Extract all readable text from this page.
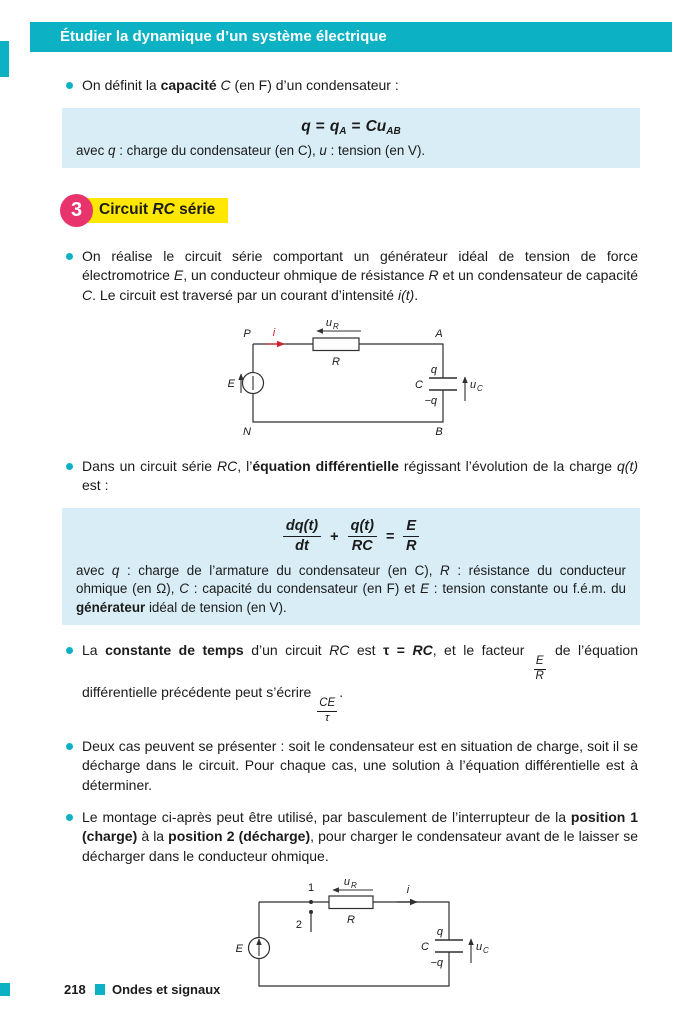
Étudier la dynamique d’un système électrique

On définit la capacité C (en F) d’un condensateur :

$q = q_A = Cu_{AB}$

avec q : charge du condensateur (en C), u : tension (en V).

3	Circuit RC série

On réalise le circuit série comportant un générateur idéal de tension de force électromotrice E, un conducteur ohmique de résistance R et un condensateur de capacité C. Le circuit est traversé par un courant d’intensité i(t).

i
u R
R
E
q
−q
C	u C
P	A
N	B

Dans un circuit série RC, l’équation différentielle régissant l’évolution de la charge q(t) est :

$\frac{dq(t)}{dt} + \frac{q(t)}{RC} = \frac{E}{R}$

avec q : charge de l’armature du condensateur (en C), R : résistance du conducteur ohmique (en Ω), C : capacité du condensateur (en F) et E : tension constante ou f.é.m. du générateur idéal de tension (en V).

La constante de temps d’un circuit RC est τ = RC, et le facteur
$\frac{E}{R}$
de l’équation différentielle précédente peut s’écrire
$\frac{CE}{\tau}$
.

Deux cas peuvent se présenter : soit le condensateur est en situation de charge, soit il se décharge dans le circuit. Pour chaque cas, une solution à l’équation différentielle est à déterminer.

Le montage ci-après peut être utilisé, par basculement de l’interrupteur de la position 1 (charge) à la position 2 (décharge), pour charger le condensateur avant de le laisser se décharger dans le conducteur ohmique.

1
2
u R
R
i
E
q
−q
C	u C
218 Ondes et signaux
